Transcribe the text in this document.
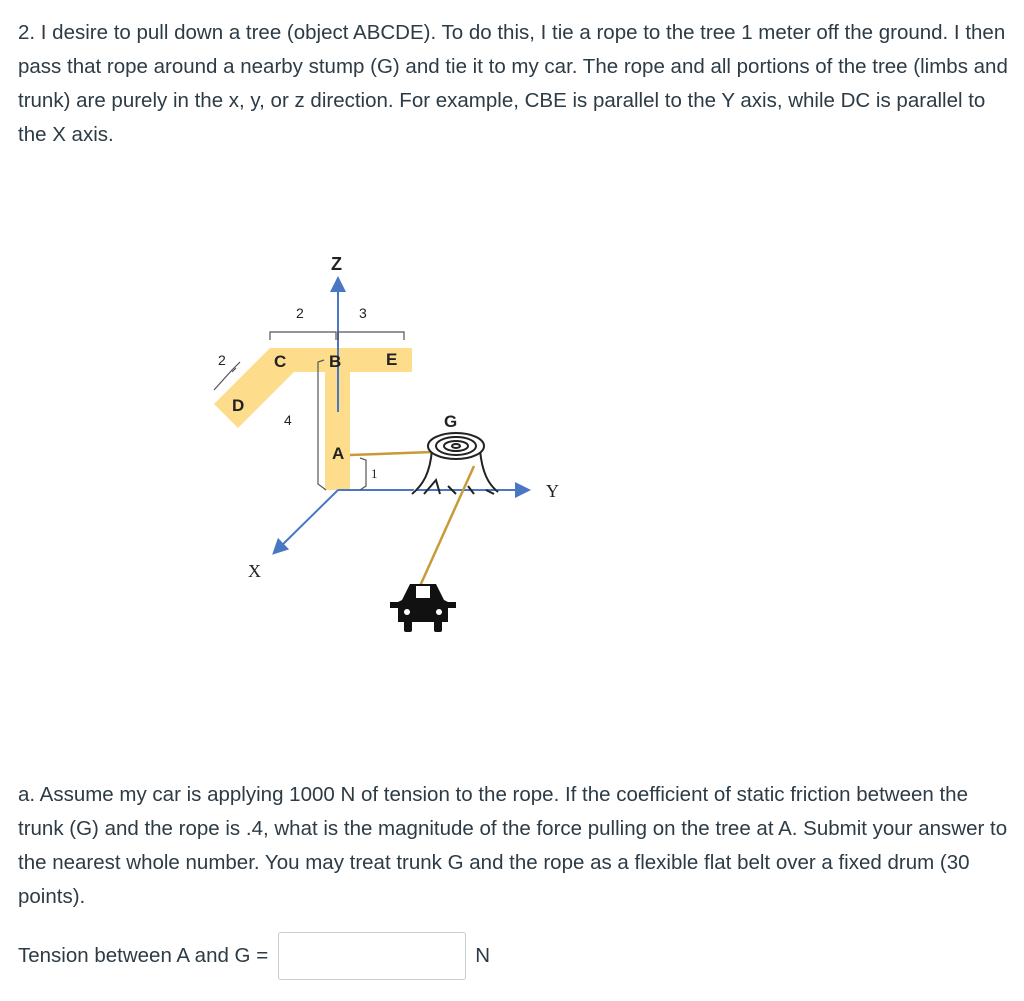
2. I desire to pull down a tree (object ABCDE). To do this, I tie a rope to the tree 1 meter off the ground. I then pass that rope around a nearby stump (G) and tie it to my car. The rope and all portions of the tree (limbs and trunk) are purely in the x, y, or z direction. For example, CBE is parallel to the Y axis, while DC is parallel to the X axis.

Z
Y
X
C	B	E
D
A
G
2	3
2
4
1

a. Assume my car is applying 1000 N of tension to the rope. If the coefficient of static friction between the trunk (G) and the rope is .4, what is the magnitude of the force pulling on the tree at A. Submit your answer to the nearest whole number. You may treat trunk G and the rope as a flexible flat belt over a fixed drum (30 points).

Tension between A and G =	N
